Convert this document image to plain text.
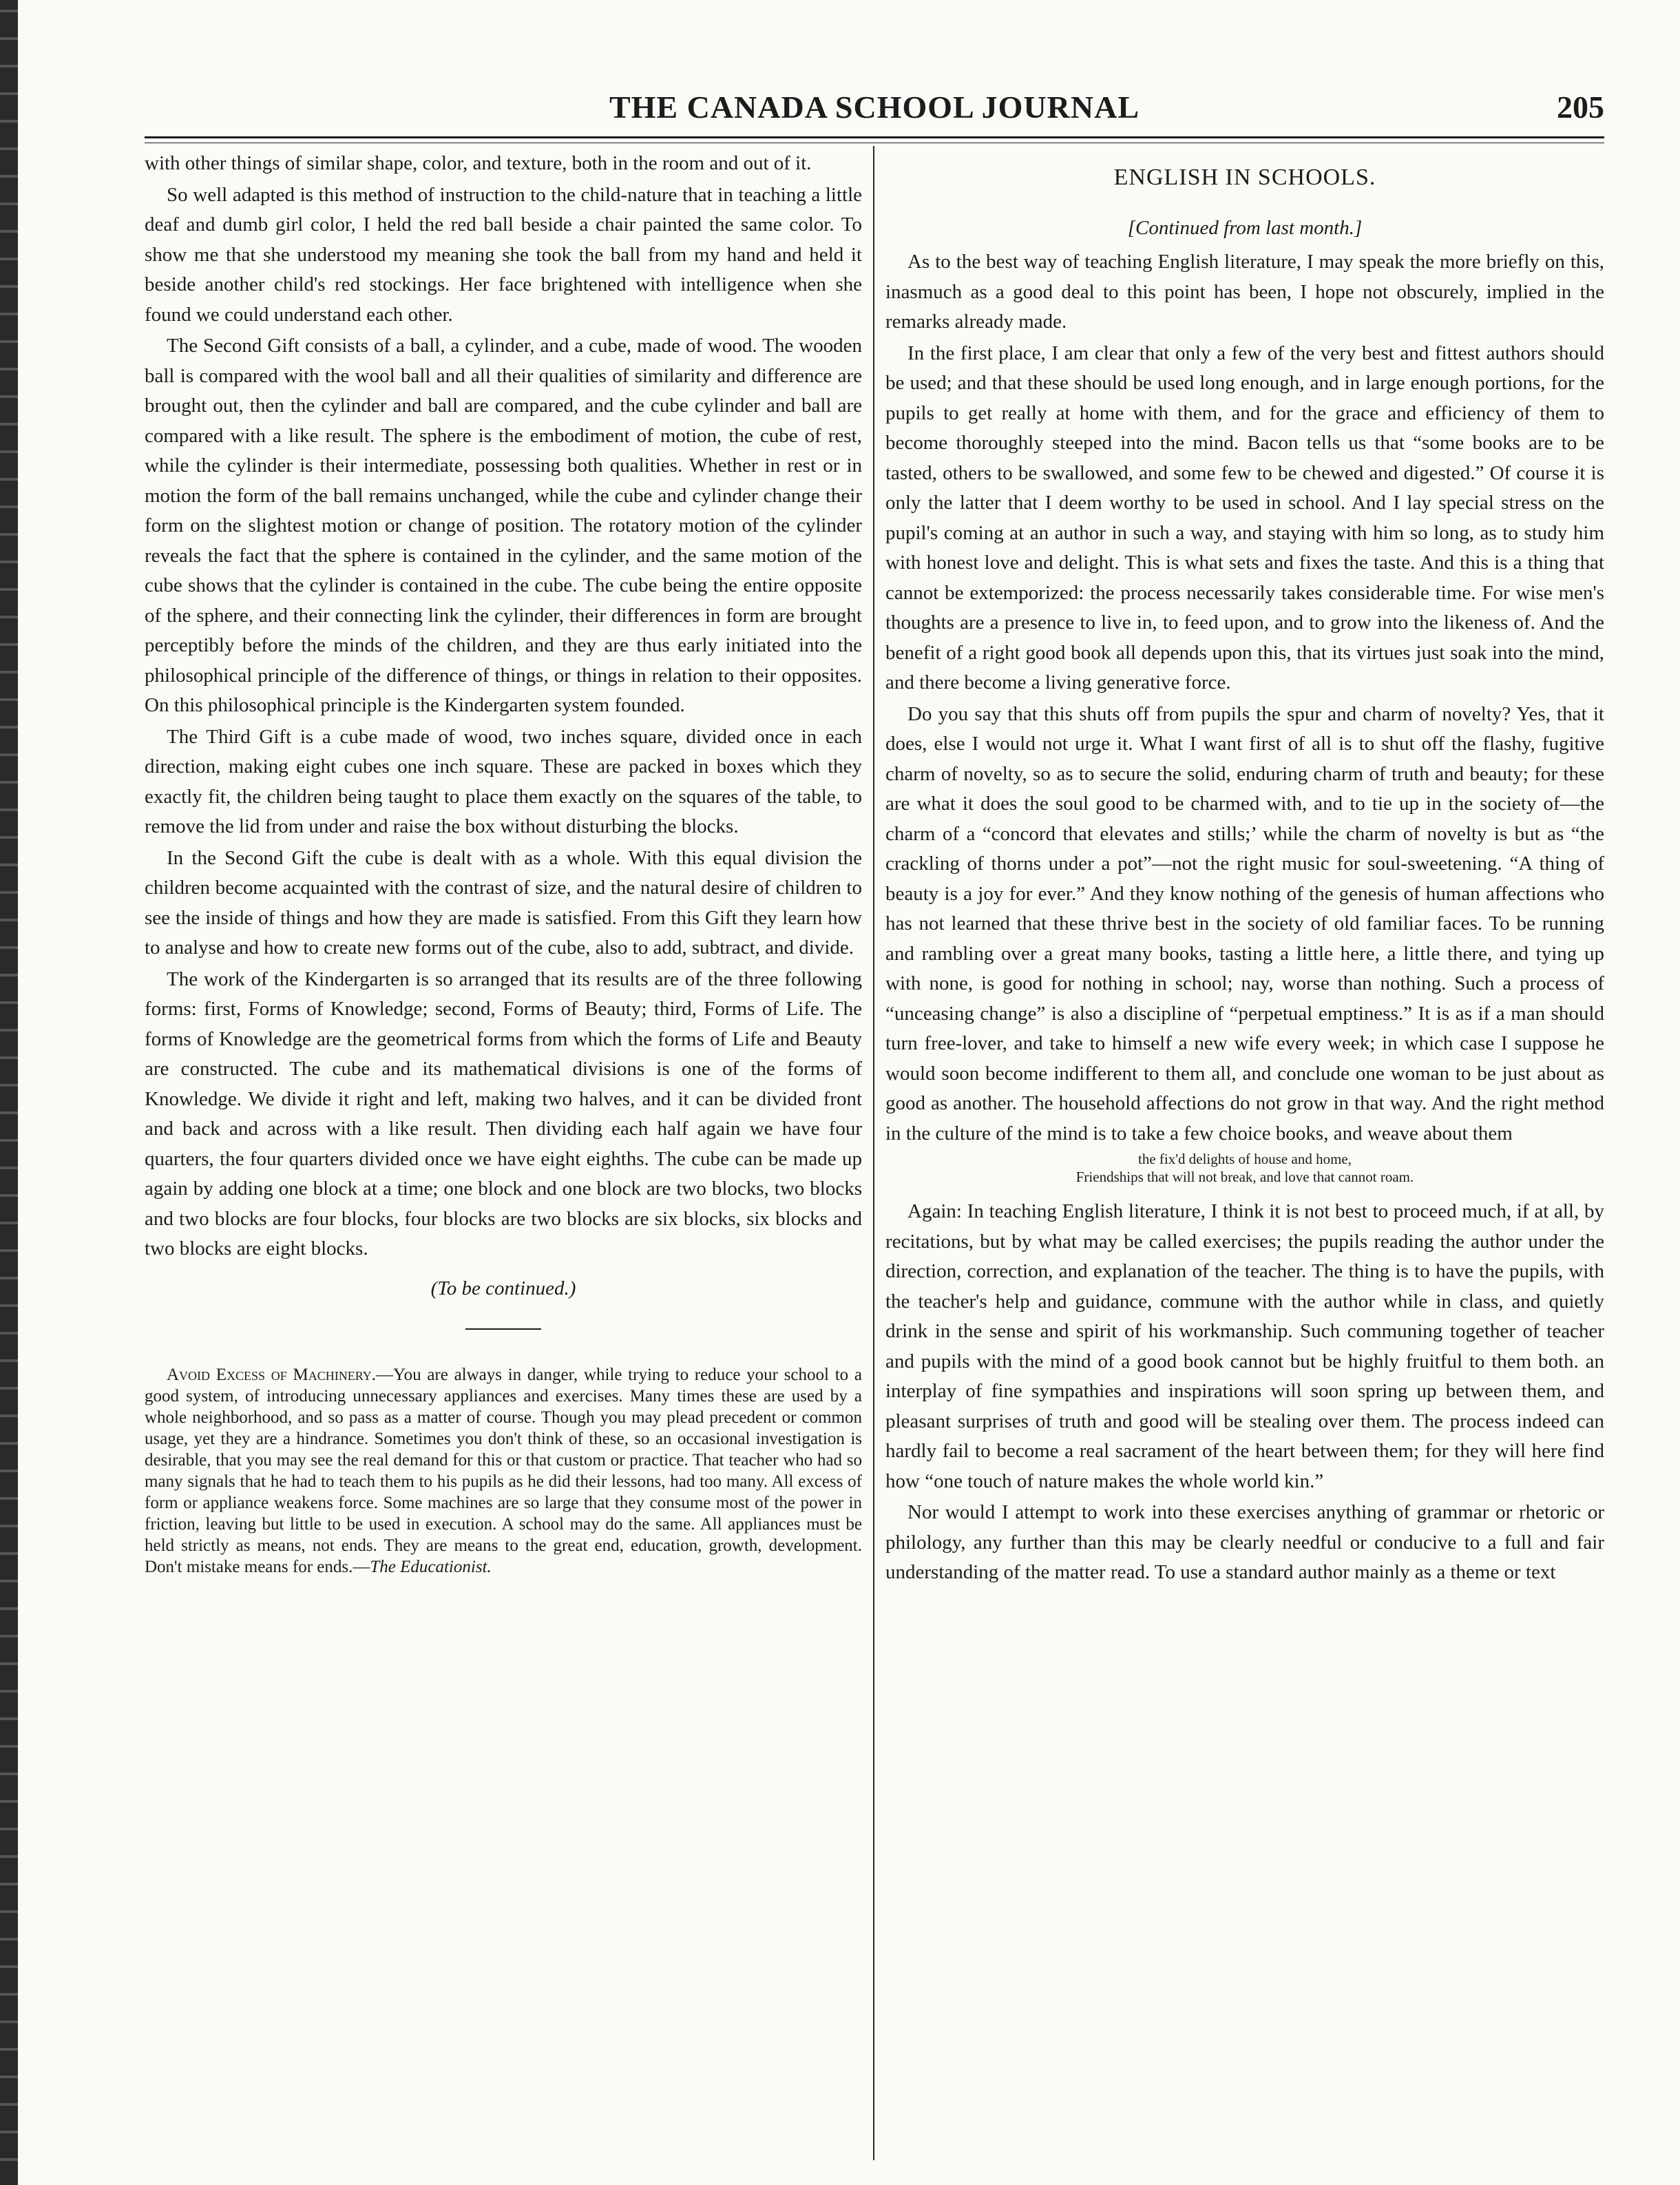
THE CANADA SCHOOL JOURNAL	205

with other things of similar shape, color, and texture, both in the room and out of it.

So well adapted is this method of instruction to the child-nature that in teaching a little deaf and dumb girl color, I held the red ball beside a chair painted the same color. To show me that she understood my meaning she took the ball from my hand and held it beside another child's red stockings. Her face brightened with intelligence when she found we could understand each other.

The Second Gift consists of a ball, a cylinder, and a cube, made of wood. The wooden ball is compared with the wool ball and all their qualities of similarity and difference are brought out, then the cylinder and ball are compared, and the cube cylinder and ball are compared with a like result. The sphere is the embodiment of motion, the cube of rest, while the cylinder is their intermediate, possessing both qualities. Whether in rest or in motion the form of the ball remains unchanged, while the cube and cylinder change their form on the slightest motion or change of position. The rotatory motion of the cylinder reveals the fact that the sphere is contained in the cylinder, and the same motion of the cube shows that the cylinder is contained in the cube. The cube being the entire opposite of the sphere, and their connecting link the cylinder, their differences in form are brought perceptibly before the minds of the children, and they are thus early initiated into the philosophical principle of the difference of things, or things in relation to their opposites. On this philosophical principle is the Kindergarten system founded.

The Third Gift is a cube made of wood, two inches square, divided once in each direction, making eight cubes one inch square. These are packed in boxes which they exactly fit, the children being taught to place them exactly on the squares of the table, to remove the lid from under and raise the box without disturbing the blocks.

In the Second Gift the cube is dealt with as a whole. With this equal division the children become acquainted with the contrast of size, and the natural desire of children to see the inside of things and how they are made is satisfied. From this Gift they learn how to analyse and how to create new forms out of the cube, also to add, subtract, and divide.

The work of the Kindergarten is so arranged that its results are of the three following forms: first, Forms of Knowledge; second, Forms of Beauty; third, Forms of Life. The forms of Knowledge are the geometrical forms from which the forms of Life and Beauty are constructed. The cube and its mathematical divisions is one of the forms of Knowledge. We divide it right and left, making two halves, and it can be divided front and back and across with a like result. Then dividing each half again we have four quarters, the four quarters divided once we have eight eighths. The cube can be made up again by adding one block at a time; one block and one block are two blocks, two blocks and two blocks are four blocks, four blocks are two blocks are six blocks, six blocks and two blocks are eight blocks.

(To be continued.)

Avoid Excess of Machinery.—You are always in danger, while trying to reduce your school to a good system, of introducing unnecessary appliances and exercises. Many times these are used by a whole neighborhood, and so pass as a matter of course. Though you may plead precedent or common usage, yet they are a hindrance. Sometimes you don't think of these, so an occasional investigation is desirable, that you may see the real demand for this or that custom or practice. That teacher who had so many signals that he had to teach them to his pupils as he did their lessons, had too many. All excess of form or appliance weakens force. Some machines are so large that they consume most of the power in friction, leaving but little to be used in execution. A school may do the same. All appliances must be held strictly as means, not ends. They are means to the great end, education, growth, development. Don't mistake means for ends.—The Educationist.

ENGLISH IN SCHOOLS.
[Continued from last month.]

As to the best way of teaching English literature, I may speak the more briefly on this, inasmuch as a good deal to this point has been, I hope not obscurely, implied in the remarks already made.

In the first place, I am clear that only a few of the very best and fittest authors should be used; and that these should be used long enough, and in large enough portions, for the pupils to get really at home with them, and for the grace and efficiency of them to become thoroughly steeped into the mind. Bacon tells us that “some books are to be tasted, others to be swallowed, and some few to be chewed and digested.” Of course it is only the latter that I deem worthy to be used in school. And I lay special stress on the pupil's coming at an author in such a way, and staying with him so long, as to study him with honest love and delight. This is what sets and fixes the taste. And this is a thing that cannot be extemporized: the process necessarily takes considerable time. For wise men's thoughts are a presence to live in, to feed upon, and to grow into the likeness of. And the benefit of a right good book all depends upon this, that its virtues just soak into the mind, and there become a living generative force.

Do you say that this shuts off from pupils the spur and charm of novelty? Yes, that it does, else I would not urge it. What I want first of all is to shut off the flashy, fugitive charm of novelty, so as to secure the solid, enduring charm of truth and beauty; for these are what it does the soul good to be charmed with, and to tie up in the society of—the charm of a “concord that elevates and stills;’ while the charm of novelty is but as “the crackling of thorns under a pot”—not the right music for soul-sweetening. “A thing of beauty is a joy for ever.” And they know nothing of the genesis of human affections who has not learned that these thrive best in the society of old familiar faces. To be running and rambling over a great many books, tasting a little here, a little there, and tying up with none, is good for nothing in school; nay, worse than nothing. Such a process of “unceasing change” is also a discipline of “perpetual emptiness.” It is as if a man should turn free-lover, and take to himself a new wife every week; in which case I suppose he would soon become indifferent to them all, and conclude one woman to be just about as good as another. The household affections do not grow in that way. And the right method in the culture of the mind is to take a few choice books, and weave about them

the fix'd delights of house and home,
Friendships that will not break, and love that cannot roam.

Again: In teaching English literature, I think it is not best to proceed much, if at all, by recitations, but by what may be called exercises; the pupils reading the author under the direction, correction, and explanation of the teacher. The thing is to have the pupils, with the teacher's help and guidance, commune with the author while in class, and quietly drink in the sense and spirit of his workmanship. Such communing together of teacher and pupils with the mind of a good book cannot but be highly fruitful to them both. an interplay of fine sympathies and inspirations will soon spring up between them, and pleasant surprises of truth and good will be stealing over them. The process indeed can hardly fail to become a real sacrament of the heart between them; for they will here find how “one touch of nature makes the whole world kin.”

Nor would I attempt to work into these exercises anything of grammar or rhetoric or philology, any further than this may be clearly needful or conducive to a full and fair understanding of the matter read. To use a standard author mainly as a theme or text
